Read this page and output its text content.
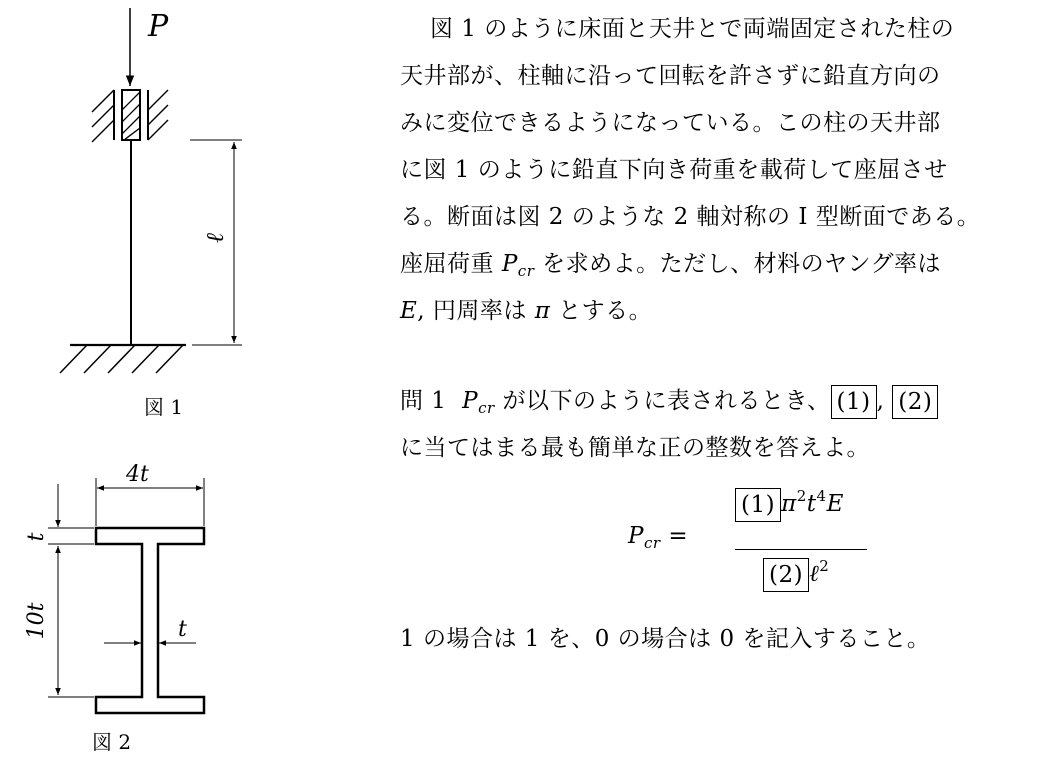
P
ℓ
図 1
4t
t
10t	t
図 2
図 1 のように床面と天井とで両端固定された柱の
天井部が、柱軸に沿って回転を許さずに鉛直方向の
みに変位できるようになっている。この柱の天井部
に図 1 のように鉛直下向き荷重を載荷して座屈させ
る。断面は図 2 のような 2 軸対称の I 型断面である。
座屈荷重 $P_{cr}$ を求めよ。ただし、材料のヤング率は
E, 円周率は π とする。
問 1 $P_{cr}$ が以下のように表されるとき、 (1) , (2)
に当てはまる最も簡単な正の整数を答えよ。
$P_{cr}$ =
(1) $\pi^2t^4E$
(2) ℓ$^2$
1 の場合は 1 を、0 の場合は 0 を記入すること。
